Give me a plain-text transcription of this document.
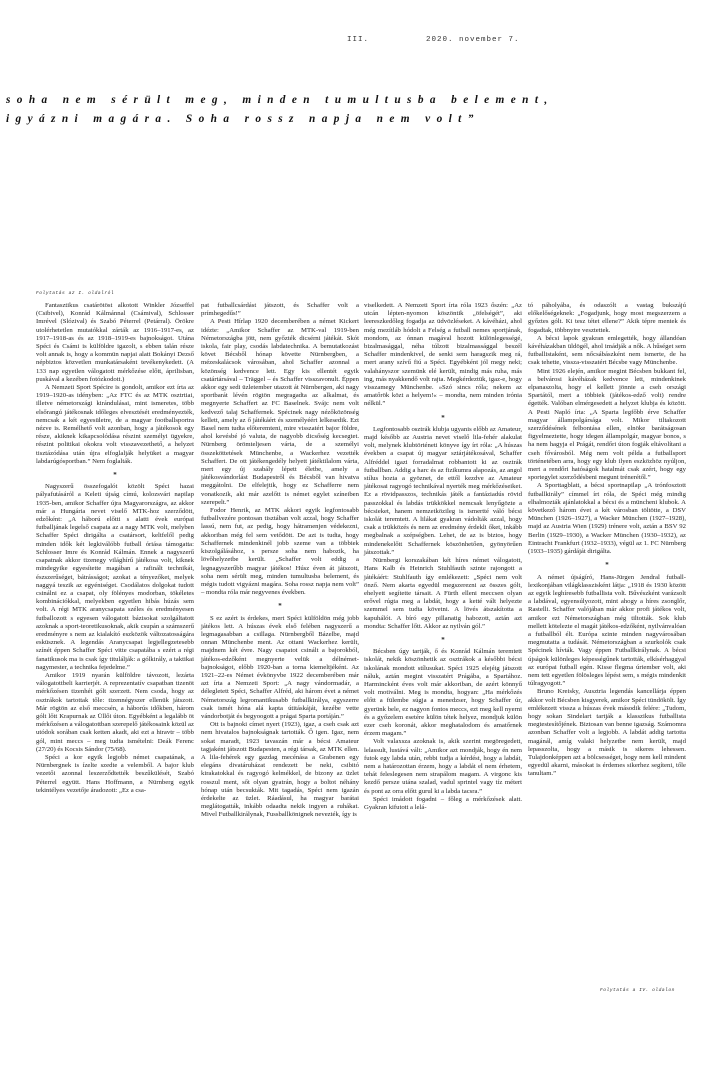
III.	2020. november 7.
soha nem sérült meg, minden tumultusba belement,
igyázni magára. Soha rossz napja nem volt”
Folytatás az I. oldalról

Fantasztikus csatárötöst alkotott Winkler Józseffel (Csibivel), Konrád Kálmánnal (Csámival), Schlosser Imrével (Slózival) és Szabó Péterrel (Petárral). Örökre utolérhetetlen mutatókkal zárták az 1916–1917-es, az 1917–1918-as és az 1918–1919-es bajnokságot. Utána Spéci és Csámi is külföldre igazolt, s ebben talán része volt annak is, hogy a kommün napjai alatt Bokányi Dezső népbiztos közvetlen munkatársaként tevékenykedett. (A 133 nap egyetlen válogatott mérkőzése előtt, áprilisban, puskával a kezében fotózkodott.)

A Nemzeti Sport Spécire is gondolt, amikor ezt írta az 1919–1920-as idényben: „Az FTC és az MTK osztrtiai, illetve németországi kirándulásai, mint ismeretes, több elsőrangú játékosnak időleges elvesztését eredményezték, nemcsak a két egyesületre, de a magyar footballsportra nézve is. Remélhető volt azonban, hogy a játékosok egy része, akiknek kikapcsolódása részint személyi ügyekre, részint politikai okokra volt visszavezethető, a helyzet tisztázódása után újra elfoglalják helyüket a magyar labdarúgósportban.” Nem foglalták.

*

Nagyszerű összefogalót közölt Spéci hazai pályafutásáról a Keleti újság címú, kolozsvári napilap 1935-ben, amikor Schaffer újra Magyarországra, az akkor már a Hungária nevet viselő MTK-hoz szerződött, edzőként: „A háború előtti s alatti évek európai futballjának legelső csapata az a nagy MTK volt, melyben Schaffer Spéci dirigálta a csatársort, keltfelől pedig minden idők két legkiválóbb futball óriása támogatta: Schlosser Imre és Konrád Kálmán. Ennek a nagyszerű csapatnak akkor tizenegy világhírű játékosa volt, kiknek mindegyike egyesítette magában a rafinált technikát, észszerűséget, bátrásságot; azokat a tényezőket, melyek naggyá teszik az egyéniséget. Csodálatos dolgokat tudott csinálni ez a csapat, oly fölényes modorban, tökéletes kombinációkkal, melyekben egyetlen hibás húzás sem volt. A régi MTK aranycsapata széles és eredményesen futballozott s egyesen válogatott bázisokat szolgáltatott azoknak a sport-teoretikusoknak, akik csupán a számszerű eredményre s nem az kialakító eszközök változatosságára esküsznek. A legendás Aranycsapat legjellegzetesebb színét éppen Schaffer Spéci vitte csapatába s ezért a régi fanatikusok ma is csak így titulálják: a gólkirály, a taktikai nagymester, a technika fejedelme.”

Amikor 1919 nyarán külföldre távozott, lezárta válogatottbeli karrierjét. A reprezentatív csapatban tizenöt mérkőzésen tizenhét gólt szerzett. Nem csoda, hogy az osztrákok tartottak tőle: tizennégyszer ellenük játszott. Már rögtön az első meccsén, a háborús időkben, három gólt lőtt Krapurnak az Üllői úton. Egyébként a legalább öt mérkőzésen a válogatottban szerepelő játékosaink közül az utódok sorában csak ketten akadt, aki ezt a hiravtr – több gól, mint meccs – meg tudta ismételni: Deák Ferenc (27/20) és Kocsis Sándor (75/68).

Spéci a kor egyik legjobb német csapatának, a Nürnbergnek is ízelte szedte a velemből. A bajor klub vezetői azonnal leszerződtették beszűkülését, Szabó Péterrel együtt. Hans Hoffmann, a Nürnberg egyik tekintélyes vezetője áradozott: „Ez a csa-

pat futballcsárdást játszott, és Schaffer volt a prímhegedűs!”

A Pesti Hírlap 1920 decemberében a német Kickert idézte: „Amikor Schaffer az MTK-val 1919-ben Németországba jött, nem győzték dicsérni játékát. Skót iskola, fair play, csodás labdatechnika. A bemutatkozást követ Bécsből hónap követte Nürnbergben, a mézeskalácsok városában, ahol Schaffer azonnal a közönség kedvence lett. Egy kis ellentét egyik csatártársával – Träggel – és Schaffer visszavonult. Éppen akkor egy sedi üzletember utazott át Nürnbergen, aki nagy sportbarát lévén rögtön megragadta az alkalmat, és megnyerte Schaffert az FC Baselnek. Svájc nem volt kedvező talaj Schaffernek. Spécinek nagy nézőközönség kellett, amely az ő játékáért és személyéért lelkesedik. Ezt Basel nem tudta előteremteni, mire visszatért bajor földre, ahol kevésbé jó valuta, de nagyobb dicsőség kecsegtet. Nürnberg örömteljesen várta, de a személyi összeköttetések Münchenbe, a Wackerhez vezették Schaffert. De ott játékengedély helyett játéktilalom várta, mert egy új szabály lépett életbe, amely a játékosvándorlást Budapestről és Bécsből van hivatva meggátolni. De elfelejtik, hogy ez Schafferre nem vonatkozik, aki már azelőtt is német egylet színeiben szerepelt.”

Fodor Henrik, az MTK akkori egyik legfontosabb futballvezére pontosan tisztában volt azzal, hogy Schaffer lassú, nem fut, az pedig, hogy hátramenjen védekezni, akkoriban még fel sem vetődött. De azt is tudta, hogy Schaffernek mindenkinél jobb szeme van a többiek kiszolgálásához, s persze soha nem habozik, ha lövőhelyzetbe került. „Schaffer volt eddig a legnagyszerűbb magyar játékos! Húsz éven át játszott, soha nem sérült meg, minden tumultusba belement, és mégis tudott vigyázni magára. Soha rossz napja nem volt” – mondta róla már negyvenes években.

*

S ez azért is érdekes, mert Spéci külföldön még jobb játékos lett. A húszas évek első felében nagyszerű a legmagasabban a csillaga. Nürnbergből Bázelbe, majd onnan Münchenbe ment. Az ottani Wackerhez került, majdnem két évre. Nagy csapatot csinált a bajorokból, játékos-edzőként megnyerte velük a délnémet-bajnokságot, előbb 1920-ban a torna kiemeltjéként. Az 1921–22-es Német évkönyvbe 1922 decemberében már azt írta a Nemzeti Sport: „A nagy vándormadár, a délegletett Spéci, Schaffer Alfréd, aki három évet a német Németország legromantikusabb futballkirálya, egyszerre csak ismét hóna alá kapta útitáskáját, kezébe vette vándorbotját és begyoogott a prágai Sparta portáján.”

Ott is bajnoki címet nyert (1923), igaz, a cseh csak azt nem hivatalos bajnokságnak tartották. Ő igen. Igaz, nem sokat maradt, 1923 tavaszán már a bécsi Amateur tagjaként játszott Budapesten, a régi társak, az MTK ellen. A lila-fehérek egy gazdag mecénása a Grabenen egy elegáns divatáruházat rendezett be neki, csibitó kirakatokkal és ragyogó kelmékkel, de bizony az üzlet rosszul ment, sőt olyan gyatrán, hogy a boltot néhány hónap után becsukták. Mit tagadás, Spéci nem igazán érdekelte az üzlet. Ráadásul, ha magyar barátai meglátogatták, inkább odaadta nekik ingyen a ruhákat. Mivel Futballkirálynak, Fussballkönignek nevezték, így is

viselkedett. A Nemzeti Sport írta róla 1923 őszén: „Az utcán lépten-nyomon köszöntik „öfelségét”, aki leereszkedőleg fogadja az üdvözléseket. A kávéházi, ahol még mezítláb hódolt a Felség a futball nemes sportjának, mondom, az ónnan magával hozott különlegességé, bizalmasággal, néha túlzott bizalmassággal beszél Schaffer mindenkivel, de senki sem haragszik meg rá, mert arany szívű fiú a Spéci. Egyébként jól megy neki; valahányszor szemünk elé került, mindig más ruha, más ing, más nyakkendő volt rajta. Megkérdeztük, igaz-e, hogy visszamegy Münchenbe. »Szó sincs róla; nekem az amatőrök közt a helyem!« – mondta, nem minden irónia nélkül.”

*

Legfontosabb osztrák klubja ugyanis előbb az Amateur, majd később az Austria nevet viselő lila-fehér alakulat volt, melynek klubtörténeti könyve így írt róla: „A húszas években a csapat új magyar sztárjátékosával, Schaffer Alfréddel igazi forradalmat robbantott ki az osztrák futballban. Addig a harc és az fizikumra alapozás, az angol stílus hozta a gyöznet, de ettől kezdve az Amateur játékosai ragyogó technikával nyerték meg mérkőzéseiket. Ez a rövidpasszos, technikás játék a fantáziadús rövid passzokkal és labdás trükkökkel nemcsak lenyűgözte a bécsieket, hanem nemzetközileg is ismertté váló bécsi iskolát teremtett. A lilákat gyakran vádolták azzal, hogy csak a trükközés és nem az eredmény érdekli őket, inkább megbalnak a szépségben. Lehet, de az is biztos, hogy mindenekelőtt Schaffernek köszönhetően, gyönyörűen játszottak.”

Nürnbergi korszakában két híres német válogatott, Hans Kalb és Heinrich Stuhlfauth szinte rajongott a játékáért: Stuhlfauth így emlékezett: „Spéci nem volt önző. Nem akarta egyedül megszerezni az összes gólt, ehelyett segítette társait. A Fürth elleni meccsen olyan erővel rúgta meg a labdát, hogy a ketté vált helyezte szemmel sem tudta követni. A lövés átszakította a kapuhálót. A bíró egy pillanatig habozott, aztán azt mondta: Schaffer lőtt. Akkor az nyilván gól.”

*

Bécsben úgy tartják, ő és Konrád Kálmán teremtett iskolát, nekik köszönhetik az osztrákok a későbbi bécsi iskolának mondott stílusukat. Spéci 1925 elejéig játszott náluk, aztán megint visszatért Prágába, a Spartához. Harmincként éves volt már akkoriban, de azért könnyű volt motiválni. Meg is mondta, hogyan: „Ha mérkőzés előtt a fülembe súgja a menedzser, hogy Schaffer úr, gyerünk bele, ez nagyon fontos meccs, ezt meg kell nyerni és a győzelem esetére külön tétek helyez, mondjuk külön ezer cseh koronát, akkor meghatalodom és amatőrnek érzem magam.”

Volt valaxsza azoknak is, akik szerint megöregedett, lelassult, lustává vált: „Amikor azt mondják, hogy én nem futok egy labda után, rebbi tudja a kérdést, hogy a labdát, nem a határozottan érzem, hogy a labdát el nem érhetem, tehát feleslegesen nem strapálom magam. A virgonc kis kezdő persze utána szalad, vadul sprintel vagy tíz métert és pont az orra előtt gurul ki a labda tacsra.”

Spéci imádott fogadni – főleg a mérkőzések alatt. Gyakran kifutott a lelá-

tó páholyába, és odaszólt a vastag bukszájú előkelőségeknek: „Fogadjunk, hogy most megszerzem a győztes gólt. Ki tesz tétet ellene?” Akik tépre mentek és fogadtak, többnyire vesztettek.

A bécsi lapok gyakran emlegették, hogy állandóan kávéházakban üldögél, ahol imádják a nők. A hűséget sem futballistaként, sem nőcsábászként nem ismerte, de ha csak tehette, vissza-visszatért Bécsbe vagy Münchenbe.

Mint 1926 elején, amikor megint Bécsben bukkant fel, a belvárosi kávéházak kedvence lett, mindenkinek elpanaszolta, hogy el kellett jönnie a cseh országi Spartától, mert a többiek (játékos-edző volt) rendre égették. Valóban elmérgesedett a helyzet klubja és között. A Pesti Napló írta: „A Sparta legfőbb érve Schaffer magyar állampolgársága volt. Mikor tiltakozott szerződésének felbontása ellen, elnöke barátságosan figyelmeztette, hogy idegen állampolgár, magyar bonos, s ha nem hagyja el Prágát, rendőri úton fogják eltávolítani a cseh fővárosból. Még nem volt példa a futballsport történetében arra, hogy egy klub ilyen eszközhöz nyúljon, mert a rendőri hatóságok hatalmát csak azért, hogy egy sportegylet szerződésbeni megunt trénerétől.”

A Sporttagblatt, a bécsi sportnapilap „A trónfosztott futballkirály” címmel írt róla, de Spéci még mindig elhalmozták ajánlatokkal a bécsi és a müncheni klubok. A következő három évet a két városban töltötte, a DSV München (1926–1927), a Wacker München (1927–1928), majd az Austria Wien (1929) trénere volt, aztán a BSV 92 Berlin (1929–1930), a Wacker München (1930–1932), az Eintracht Frankfurt (1932–1933), végül az 1. FC Nürnberg (1933–1935) gárdáját dirigálta.

*

A német újságíró, Hans-Jürgen Jendral futball-lexikonjában világklasszisként látja: „1918 és 1930 között az egyik leghíresebb futballista volt. Bűvészként varázsolt a labdával, egyensúlyozott, mint ahogy a híres zsonglőr, Rastelli. Schaffer valójában már akkor profi játékos volt, amikor ezt Németországban még tiltották. Sok klub mellett kötelezte el magát játékos-edzőként, nyilvánvalóan a futballból élt. Európa szinte minden nagyvárosában megmutatta a tudását. Németországban a szurkolók csak Spécinek hívták. Vagy éppen Futballkirálynak. A bécsi újságok különleges képességűnek tartották, elkísérhaggyal az európai futball egén. Kisse flegma úriember volt, aki nem tett egyetlen fölösleges lépést sem, s mégis mindenkit túlragyogott.”

Bruno Kreisky, Ausztria legendás kancellárja éppen akkor volt Bécsben kisgyerek, amikor Spéci tündökölt. Így emlékezett vissza a húszas évek második felére: „Tudom, hogy sokan Sindelart tartják a klasszikus futballista megtestesítőjének. Biztosan van benne igazság. Számomra azonban Schaffer volt a legjobb. A labdát addig tartotta magánál, amíg valaki helyzetbe nem került, majd lepasszolta, hogy a másik is sikeres lehessen. Tulajdonképpen azt a bölcsességet, hogy nem kell mindent egyedül akarni, másokat is érdemes sikerhez segíteni, tőle tanultam.”

Folytatás a IV. oldalon
